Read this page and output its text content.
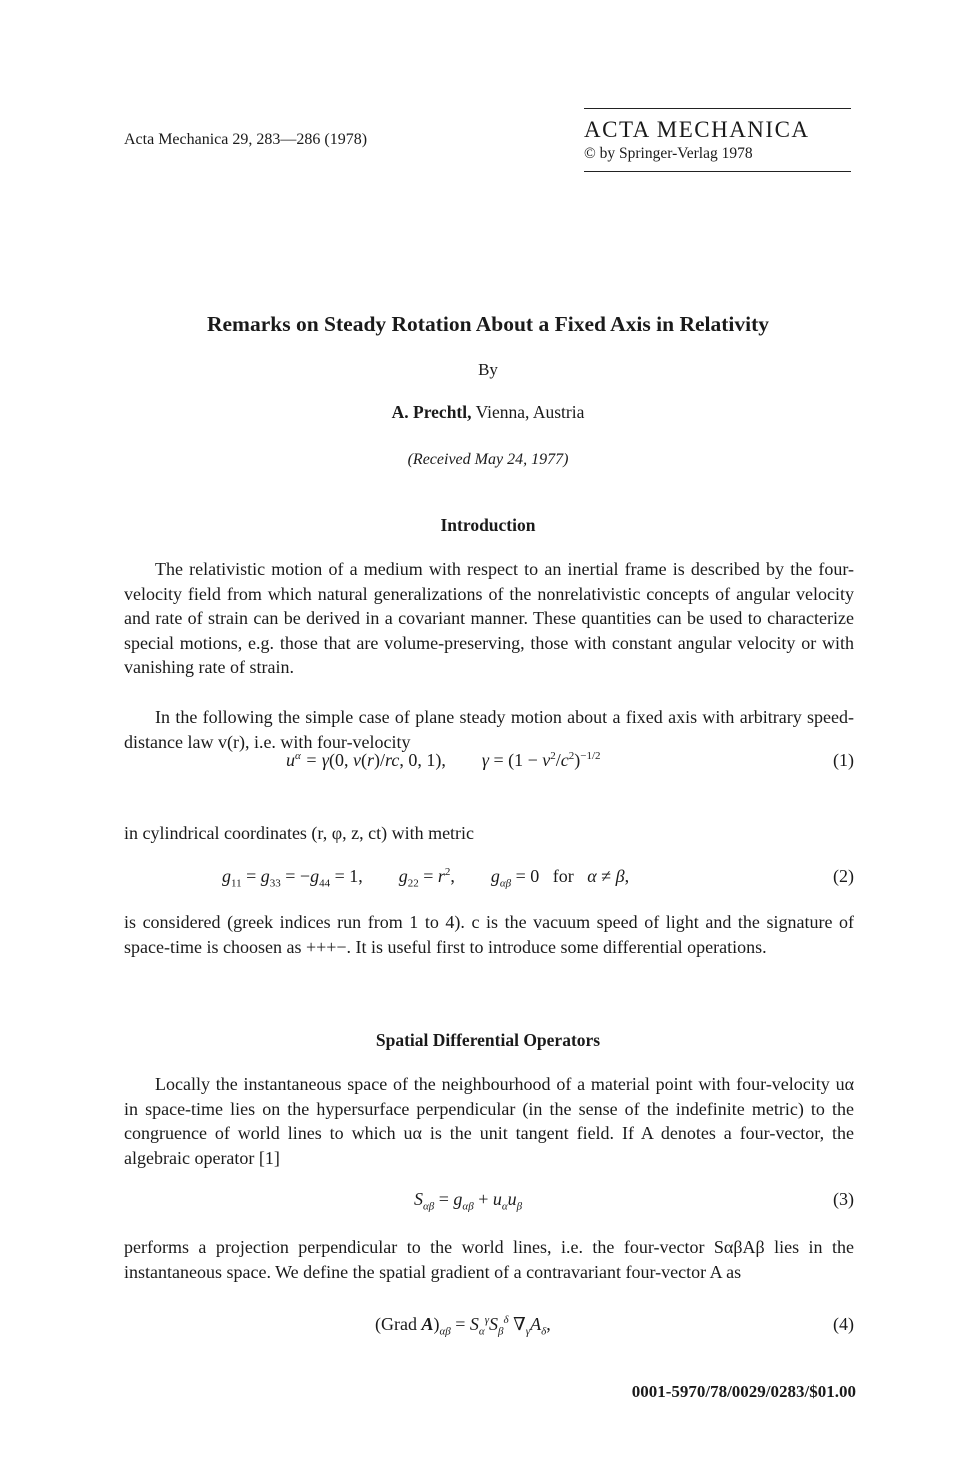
Acta Mechanica 29, 283—286 (1978)	ACTA MECHANICA
© by Springer-Verlag 1978
Remarks on Steady Rotation About a Fixed Axis in Relativity
By
A. Prechtl, Vienna, Austria
(Received May 24, 1977)
Introduction
The relativistic motion of a medium with respect to an inertial frame is described by the four-velocity field from which natural generalizations of the nonrelativistic concepts of angular velocity and rate of strain can be derived in a covariant manner. These quantities can be used to characterize special motions, e.g. those that are volume-preserving, those with constant angular velocity or with vanishing rate of strain.
In the following the simple case of plane steady motion about a fixed axis with arbitrary speed-distance law v(r), i.e. with four-velocity
$u^\alpha = \gamma(0$, v(r)/rc, 0, 1),        $\gamma = (1 - v^2/c^2)^{-1/2}$	(1)
in cylindrical coordinates (r, φ, z, ct) with metric
$g_{11} = g_{33} = -g_{44} = 1$,        $g_{22} = r^2$,        $g_{\alpha\beta} = 0$   for   α ≠ β,	(2)
is considered (greek indices run from 1 to 4). c is the vacuum speed of light and the signature of space-time is choosen as +++−. It is useful first to introduce some differential operations.
Spatial Differential Operators
Locally the instantaneous space of the neighbourhood of a material point with four-velocity uα in space-time lies on the hypersurface perpendicular (in the sense of the indefinite metric) to the congruence of world lines to which uα is the unit tangent field. If A denotes a four-vector, the algebraic operator [1]
$S_{\alpha\beta} = g_{\alpha\beta} + u_\alpha u_\beta$	(3)
performs a projection perpendicular to the world lines, i.e. the four-vector SαβAβ lies in the instantaneous space. We define the spatial gradient of a contravariant four-vector A as
(Grad $A)_{\alpha\beta} = S_\alpha^\gamma S_\beta^\delta$ $\nabla_\gamma A_\delta$,	(4)
0001-5970/78/0029/0283/$01.00
